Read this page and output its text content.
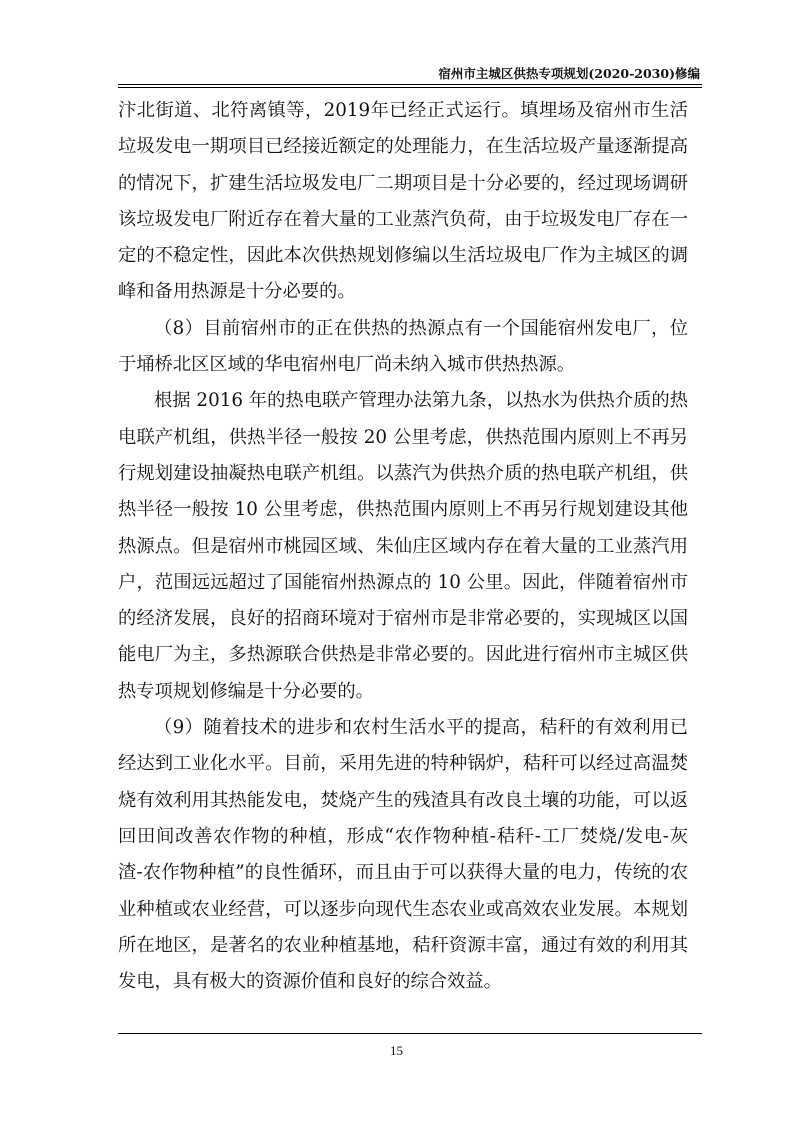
宿州市主城区供热专项规划(2020-2030)修编

汴北街道、北符离镇等，2019年已经正式运行。填埋场及宿州市生活垃圾发电一期项目已经接近额定的处理能力，在生活垃圾产量逐渐提高的情况下，扩建生活垃圾发电厂二期项目是十分必要的，经过现场调研该垃圾发电厂附近存在着大量的工业蒸汽负荷，由于垃圾发电厂存在一定的不稳定性，因此本次供热规划修编以生活垃圾电厂作为主城区的调峰和备用热源是十分必要的。

（8）目前宿州市的正在供热的热源点有一个国能宿州发电厂，位于埇桥北区区域的华电宿州电厂尚未纳入城市供热热源。

根据 2016 年的热电联产管理办法第九条，以热水为供热介质的热电联产机组，供热半径一般按 20 公里考虑，供热范围内原则上不再另行规划建设抽凝热电联产机组。以蒸汽为供热介质的热电联产机组，供热半径一般按 10 公里考虑，供热范围内原则上不再另行规划建设其他热源点。但是宿州市桃园区域、朱仙庄区域内存在着大量的工业蒸汽用户，范围远远超过了国能宿州热源点的 10 公里。因此，伴随着宿州市的经济发展，良好的招商环境对于宿州市是非常必要的，实现城区以国能电厂为主，多热源联合供热是非常必要的。因此进行宿州市主城区供热专项规划修编是十分必要的。

（9）随着技术的进步和农村生活水平的提高，秸秆的有效利用已经达到工业化水平。目前，采用先进的特种锅炉，秸秆可以经过高温焚烧有效利用其热能发电，焚烧产生的残渣具有改良土壤的功能，可以返回田间改善农作物的种植，形成“农作物种植-秸秆-工厂焚烧/发电-灰渣-农作物种植”的良性循环，而且由于可以获得大量的电力，传统的农业种植或农业经营，可以逐步向现代生态农业或高效农业发展。本规划所在地区，是著名的农业种植基地，秸秆资源丰富，通过有效的利用其发电，具有极大的资源价值和良好的综合效益。

15
